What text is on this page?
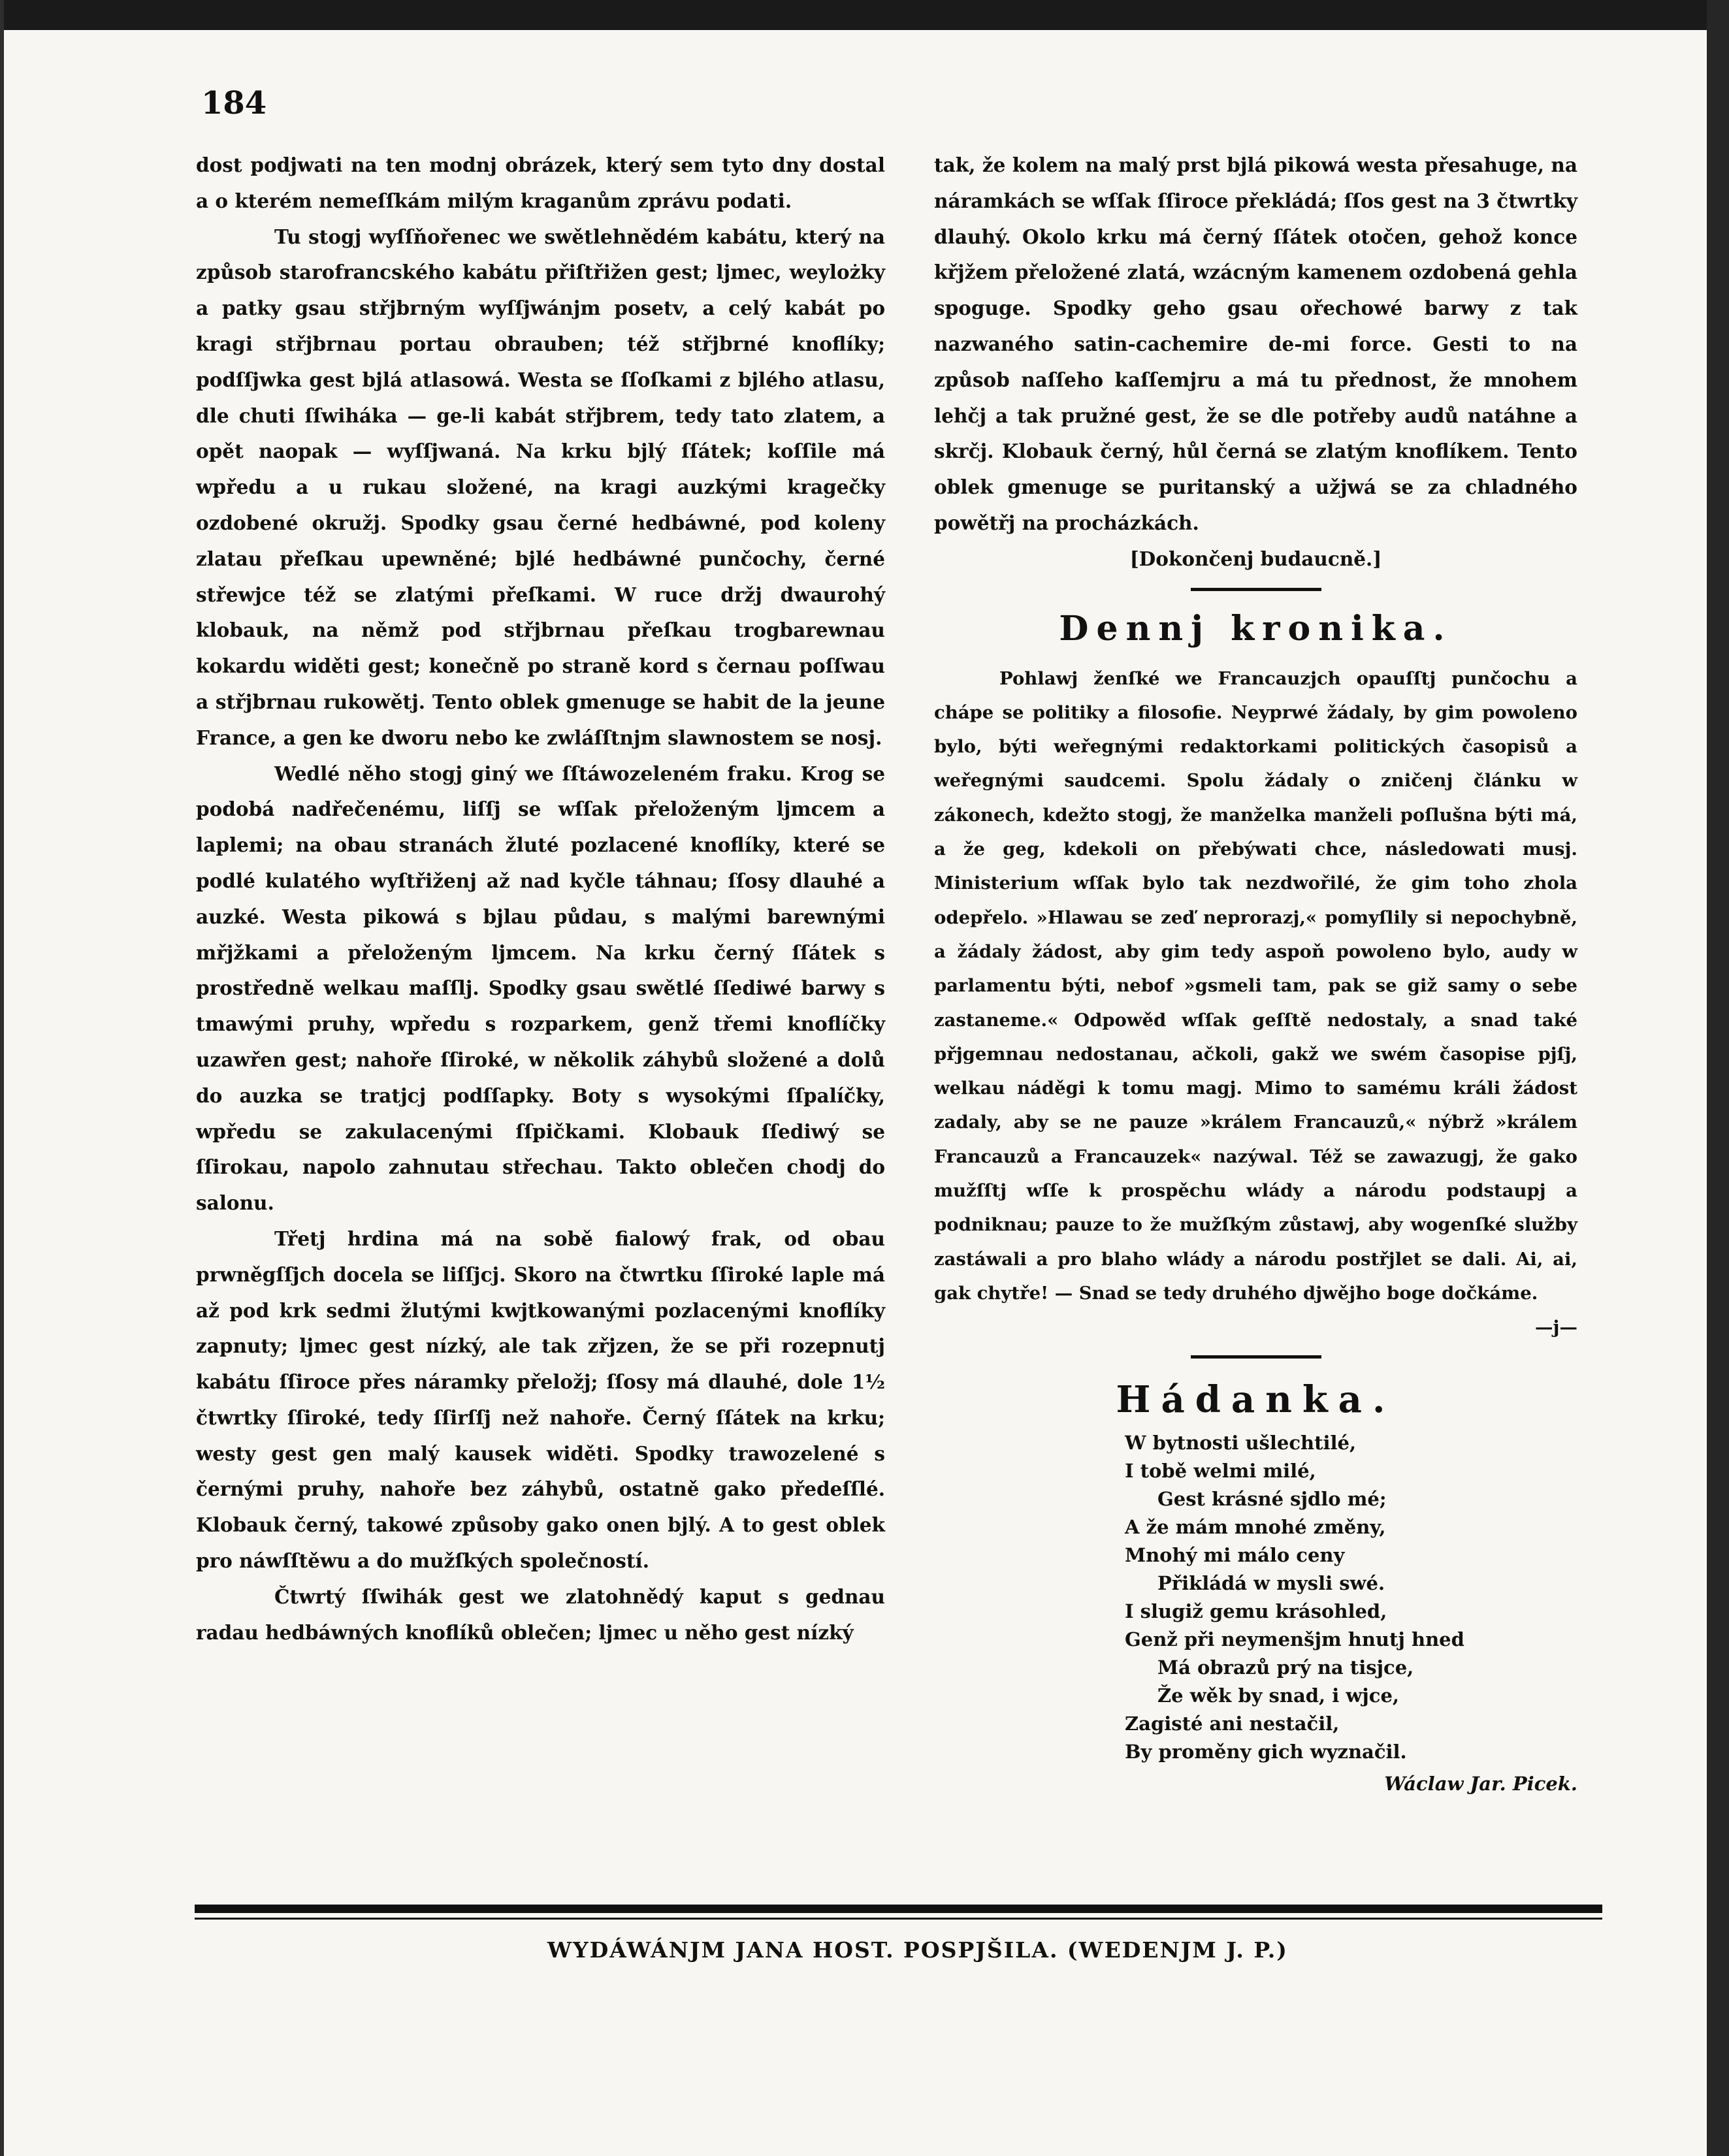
184

dost podjwati na ten modnj obrázek, který sem tyto dny dostal a o kterém nemeſſkám milým kraganům zprávu podati.

Tu stogj wyſſňořenec we swětlehnědém kabátu, který na způsob starofrancského kabátu přiſtřižen gest; ljmec, weylożky a patky gsau střjbrným wyſſjwánjm posetv, a celý kabát po kragi střjbrnau portau obrauben; též střjbrné knoflíky; podſſjwka gest bjlá atlasowá. Westa se ſſoſkami z bjlého atlasu, dle chuti ſſwiháka — ge-li kabát střjbrem, tedy tato zlatem, a opět naopak — wyſſjwaná. Na krku bjlý ſſátek; koſſile má wpředu a u rukau složené, na kragi auzkými kragečky ozdobené okružj. Spodky gsau černé hedbáwné, pod koleny zlatau přeſkau upewněné; bjlé hedbáwné punčochy, černé střewjce též se zlatými přeſkami. W ruce držj dwaurohý klobauk, na němž pod střjbrnau přeſkau trogbarewnau kokardu widěti gest; konečně po straně kord s černau poſſwau a střjbrnau rukowětj. Tento oblek gmenuge se habit de la jeune France, a gen ke dworu nebo ke zwláſſtnjm slawnostem se nosj.

Wedlé něho stogj giný we ſſtáwozeleném fraku. Krog se podobá nadřečenému, liſſj se wſſak přeloženým ljmcem a laplemi; na obau stranách žluté pozlacené knoflíky, které se podlé kulatého wyſtřiženj až nad kyčle táhnau; ſſosy dlauhé a auzké. Westa pikowá s bjlau půdau, s malými barewnými mřjžkami a přeloženým ljmcem. Na krku černý ſſátek s prostředně welkau maſſlj. Spodky gsau swětlé ſſediwé barwy s tmawými pruhy, wpředu s rozparkem, genž třemi knoflíčky uzawřen gest; nahoře ſſiroké, w několik záhybů složené a dolů do auzka se tratjcj podſſapky. Boty s wysokými ſſpalíčky, wpředu se zakulacenými ſſpičkami. Klobauk ſſediwý se ſſirokau, napolo zahnutau střechau. Takto oblečen chodj do salonu.

Třetj hrdina má na sobě fialowý frak, od obau prwněgſſjch docela se liſſjcj. Skoro na čtwrtku ſſiroké laple má až pod krk sedmi žlutými kwjtkowanými pozlacenými knoflíky zapnuty; ljmec gest nízký, ale tak zřjzen, že se při rozepnutj kabátu ſſiroce přes náramky přeložj; ſſosy má dlauhé, dole 1½ čtwrtky ſſiroké, tedy ſſirſſj než nahoře. Černý ſſátek na krku; westy gest gen malý kausek widěti. Spodky trawozelené s černými pruhy, nahoře bez záhybů, ostatně gako předeſſlé. Klobauk černý, takowé způsoby gako onen bjlý. A to gest oblek pro náwſſtěwu a do mužſkých společností.

Čtwrtý ſſwihák gest we zlatohnědý kaput s gednau radau hedbáwných knoflíků oblečen; ljmec u něho gest nízký

tak, že kolem na malý prst bjlá pikowá westa přesahuge, na náramkách se wſſak ſſiroce překládá; ſſos gest na 3 čtwrtky dlauhý. Okolo krku má černý ſſátek otočen, gehož konce křjžem přeložené zlatá, wzácným kamenem ozdobená gehla spoguge. Spodky geho gsau ořechowé barwy z tak nazwaného satin-cachemire de-mi force. Gesti to na způsob naſſeho kaſſemjru a má tu přednost, že mnohem lehčj a tak pružné gest, že se dle potřeby audů natáhne a skrčj. Klobauk černý, hůl černá se zlatým knoflíkem. Tento oblek gmenuge se puritanský a užjwá se za chladného powětřj na procházkách.

[Dokončenj budaucně.]

Dennj kronika.

Pohlawj ženſké we Francauzjch opauſſtj punčochu a chápe se politiky a filosofie. Neyprwé žádaly, by gim powoleno bylo, býti weřegnými redaktorkami politických časopisů a weřegnými saudcemi. Spolu žádaly o zničenj článku w zákonech, kdežto stogj, že manželka manželi poſlušna býti má, a že geg, kdekoli on přebýwati chce, následowati musj. Ministerium wſſak bylo tak nezdwořilé, že gim toho zhola odepřelo. »Hlawau se zeď neprorazj,« pomyſlily si nepochybně, a žádaly žádost, aby gim tedy aspoň powoleno bylo, audy w parlamentu býti, nebof »gsmeli tam, pak se giž samy o sebe zastaneme.« Odpowěd wſſak geſſtě nedostaly, a snad také přjgemnau nedostanau, ačkoli, gakž we swém časopise pjſj, welkau náděgi k tomu magj. Mimo to samému králi žádost zadaly, aby se ne pauze »králem Francauzů,« nýbrž »králem Francauzů a Francauzek« nazýwal. Též se zawazugj, že gako mužſſtj wſſe k prospěchu wlády a národu podstaupj a podniknau; pauze to že mužſkým zůstawj, aby wogenſké služby zastáwali a pro blaho wlády a národu postřjlet se dali. Ai, ai, gak chytře! — Snad se tedy druhého djwějho boge dočkáme.

—j—
Hádanka.
W bytnosti ušlechtilé,
I tobě welmi milé,
Gest krásné sjdlo mé;
A že mám mnohé změny,
Mnohý mi málo ceny
Přikládá w mysli swé.
I slugiž gemu krásohled,
Genž při neymenšjm hnutj hned
Má obrazů prý na tisjce,
Že wěk by snad, i wjce,
Zagisté ani nestačil,
By proměny gich wyznačil.
Wáclaw Jar. Picek.
WYDÁWÁNJM JANA HOST. POSPJŠILA. (WEDENJM J. P.)
